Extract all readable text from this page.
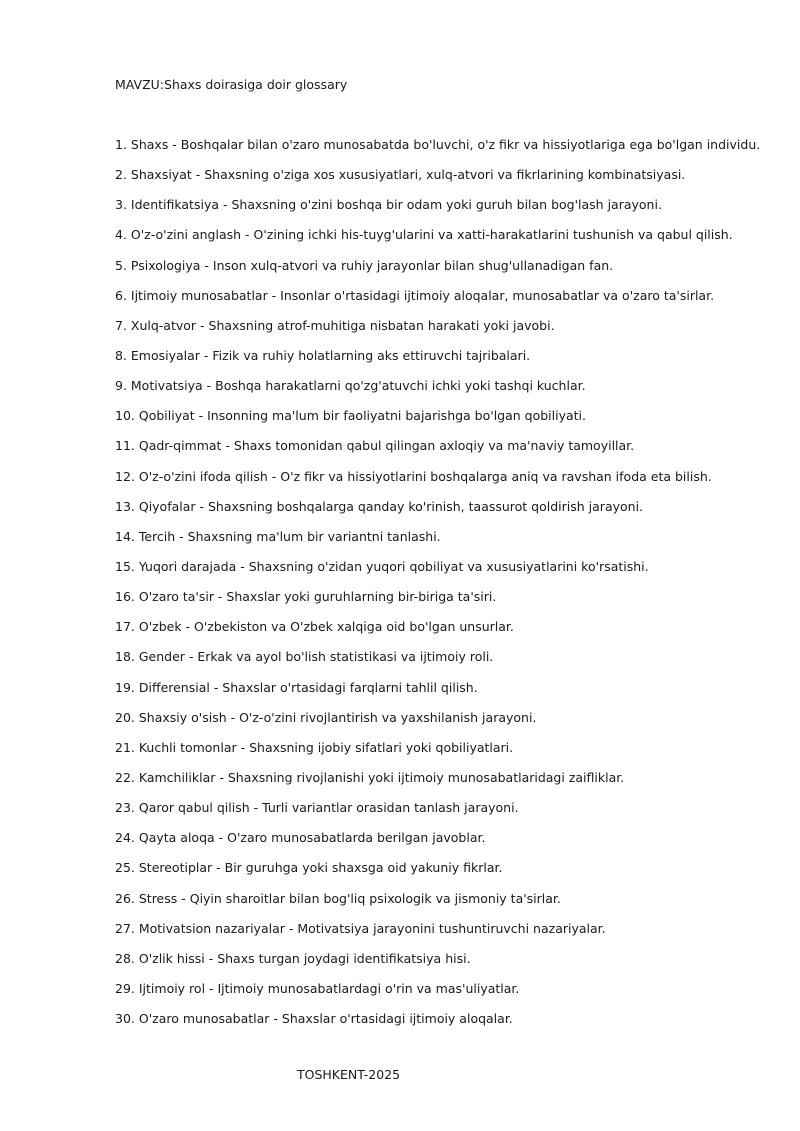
MAVZU:Shaxs doirasiga doir glossary
1. Shaxs - Boshqalar bilan o'zaro munosabatda bo'luvchi, o'z fikr va hissiyotlariga ega bo'lgan individu.
2. Shaxsiyat - Shaxsning o'ziga xos xususiyatlari, xulq-atvori va fikrlarining kombinatsiyasi.
3. Identifikatsiya - Shaxsning o'zini boshqa bir odam yoki guruh bilan bog'lash jarayoni.
4. O'z-o'zini anglash - O'zining ichki his-tuyg'ularini va xatti-harakatlarini tushunish va qabul qilish.
5. Psixologiya - Inson xulq-atvori va ruhiy jarayonlar bilan shug'ullanadigan fan.
6. Ijtimoiy munosabatlar - Insonlar o'rtasidagi ijtimoiy aloqalar, munosabatlar va o'zaro ta'sirlar.
7. Xulq-atvor - Shaxsning atrof-muhitiga nisbatan harakati yoki javobi.
8. Emosiyalar - Fizik va ruhiy holatlarning aks ettiruvchi tajribalari.
9. Motivatsiya - Boshqa harakatlarni qo'zg'atuvchi ichki yoki tashqi kuchlar.
10. Qobiliyat - Insonning ma'lum bir faoliyatni bajarishga bo'lgan qobiliyati.
11. Qadr-qimmat - Shaxs tomonidan qabul qilingan axloqiy va ma'naviy tamoyillar.
12. O'z-o'zini ifoda qilish - O'z fikr va hissiyotlarini boshqalarga aniq va ravshan ifoda eta bilish.
13. Qiyofalar - Shaxsning boshqalarga qanday ko'rinish, taassurot qoldirish jarayoni.
14. Tercih - Shaxsning ma'lum bir variantni tanlashi.
15. Yuqori darajada - Shaxsning o'zidan yuqori qobiliyat va xususiyatlarini ko'rsatishi.
16. O'zaro ta'sir - Shaxslar yoki guruhlarning bir-biriga ta'siri.
17. O'zbek - O'zbekiston va O'zbek xalqiga oid bo'lgan unsurlar.
18. Gender - Erkak va ayol bo'lish statistikasi va ijtimoiy roli.
19. Differensial - Shaxslar o'rtasidagi farqlarni tahlil qilish.
20. Shaxsiy o'sish - O'z-o'zini rivojlantirish va yaxshilanish jarayoni.
21. Kuchli tomonlar - Shaxsning ijobiy sifatlari yoki qobiliyatlari.
22. Kamchiliklar - Shaxsning rivojlanishi yoki ijtimoiy munosabatlaridagi zaifliklar.
23. Qaror qabul qilish - Turli variantlar orasidan tanlash jarayoni.
24. Qayta aloqa - O'zaro munosabatlarda berilgan javoblar.
25. Stereotiplar - Bir guruhga yoki shaxsga oid yakuniy fikrlar.
26. Stress - Qiyin sharoitlar bilan bog'liq psixologik va jismoniy ta'sirlar.
27. Motivatsion nazariyalar - Motivatsiya jarayonini tushuntiruvchi nazariyalar.
28. O'zlik hissi - Shaxs turgan joydagi identifikatsiya hisi.
29. Ijtimoiy rol - Ijtimoiy munosabatlardagi o'rin va mas'uliyatlar.
30. O'zaro munosabatlar - Shaxslar o'rtasidagi ijtimoiy aloqalar.
TOSHKENT-2025
